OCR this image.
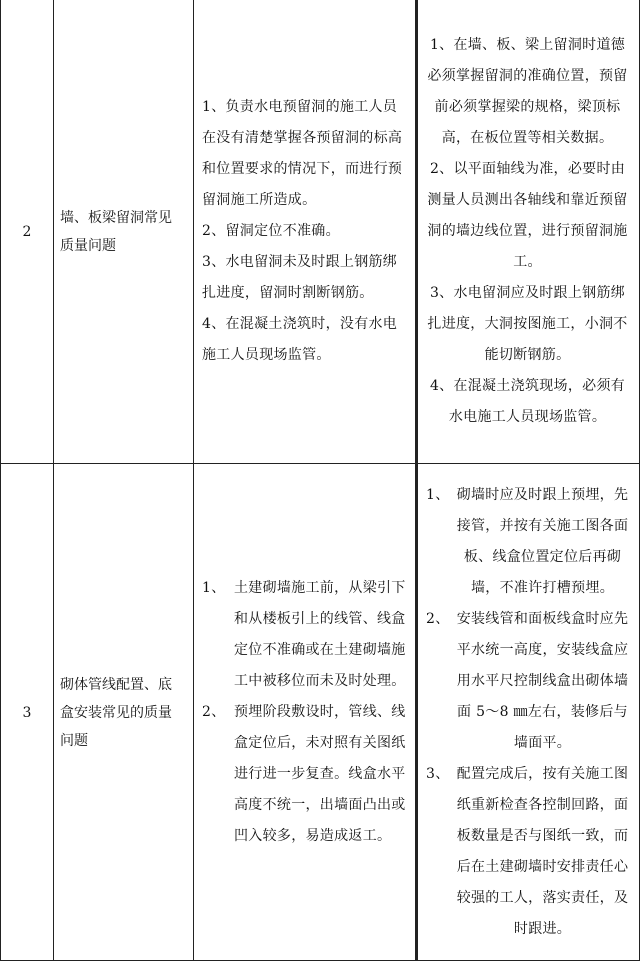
2
墙、板梁留洞常见质量问题

1、负责水电预留洞的施工人员在没有清楚掌握各预留洞的标高和位置要求的情况下，而进行预留洞施工所造成。

2、留洞定位不准确。

3、水电留洞未及时跟上钢筋绑扎进度，留洞时割断钢筋。

4、在混凝土浇筑时，没有水电施工人员现场监管。

1、在墙、板、梁上留洞时道德必须掌握留洞的准确位置，预留前必须掌握梁的规格，梁顶标高，在板位置等相关数据。

2、以平面轴线为准，必要时由测量人员测出各轴线和靠近预留洞的墙边线位置，进行预留洞施工。

3、水电留洞应及时跟上钢筋绑扎进度，大洞按图施工，小洞不能切断钢筋。

4、在混凝土浇筑现场，必须有水电施工人员现场监管。

3
砌体管线配置、底盒安装常见的质量问题
1、 土建砌墙施工前，从梁引下和从楼板引上的线管、线盒定位不准确或在土建砌墙施工中被移位而未及时处理。
2、 预埋阶段敷设时，管线、线盒定位后，未对照有关图纸进行进一步复查。线盒水平高度不统一，出墙面凸出或凹入较多，易造成返工。
1、 砌墙时应及时跟上预埋，先接管，并按有关施工图各面板、线盒位置定位后再砌墙，不准许打槽预埋。
2、 安装线管和面板线盒时应先平水统一高度，安装线盒应用水平尺控制线盒出砌体墙面 5～8 ㎜左右，装修后与墙面平。
3、 配置完成后，按有关施工图纸重新检查各控制回路，面板数量是否与图纸一致，而后在土建砌墙时安排责任心较强的工人，落实责任，及时跟进。
